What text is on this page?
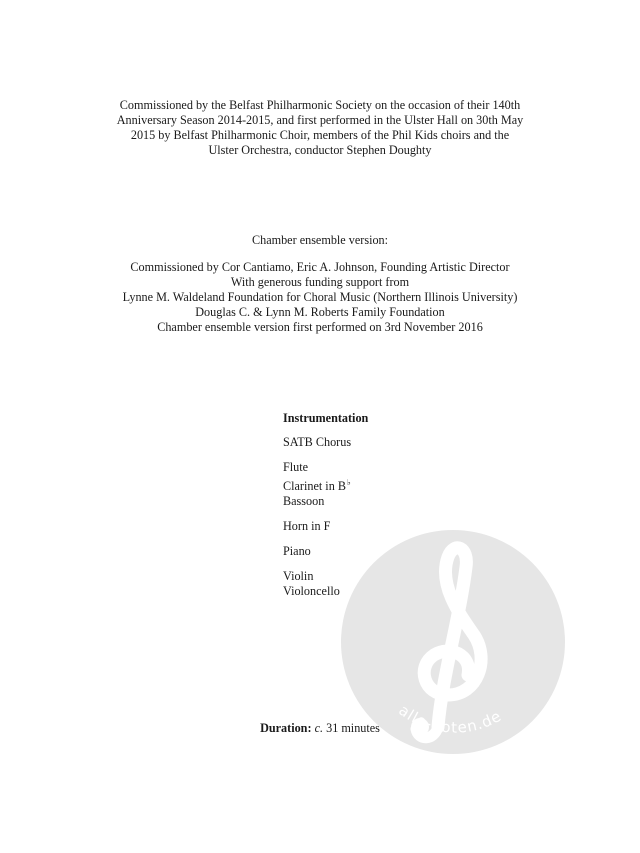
Commissioned by the Belfast Philharmonic Society on the occasion of their 140th

Anniversary Season 2014-2015, and first performed in the Ulster Hall on 30th May

2015 by Belfast Philharmonic Choir, members of the Phil Kids choirs and the

Ulster Orchestra, conductor Stephen Doughty

Chamber ensemble version:
Commissioned by Cor Cantiamo, Eric A. Johnson, Founding Artistic Director
With generous funding support from
Lynne M. Waldeland Foundation for Choral Music (Northern Illinois University)
Douglas C. & Lynn M. Roberts Family Foundation
Chamber ensemble version first performed on 3rd November 2016
Instrumentation
SATB Chorus
Flute
Clarinet in B♭
Bassoon
Horn in F
Piano
Violin
Violoncello
Duration: c. 31 minutes
alle-noten.de
